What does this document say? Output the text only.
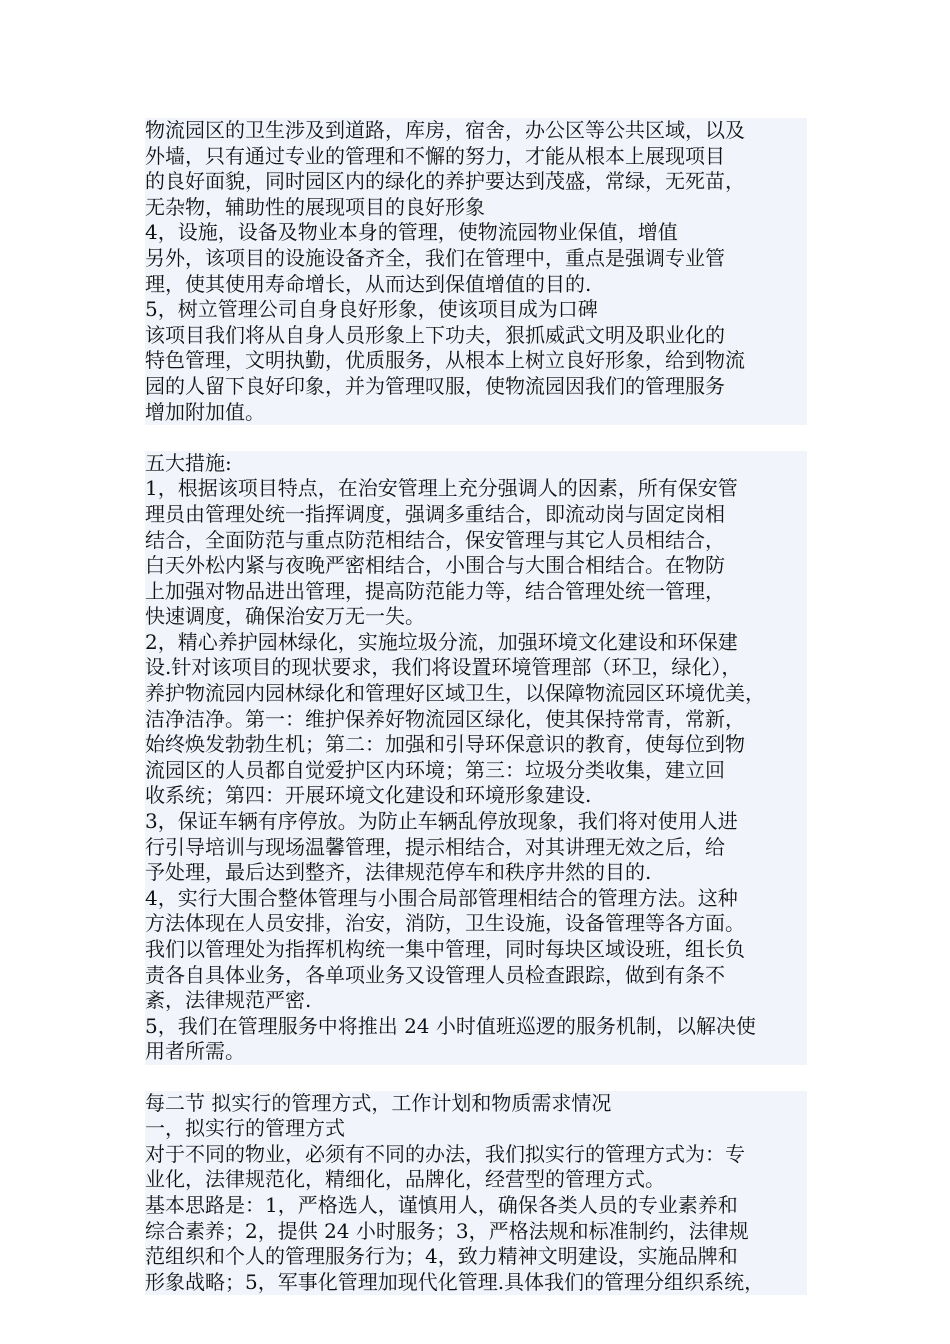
物流园区的卫生涉及到道路，库房，宿舍，办公区等公共区域，以及
外墙，只有通过专业的管理和不懈的努力，才能从根本上展现项目
的良好面貌，同时园区内的绿化的养护要达到茂盛，常绿，无死苗，
无杂物，辅助性的展现项目的良好形象
4，设施，设备及物业本身的管理，使物流园物业保值，增值
另外，该项目的设施设备齐全，我们在管理中，重点是强调专业管
理，使其使用寿命增长，从而达到保值增值的目的.
5，树立管理公司自身良好形象，使该项目成为口碑
该项目我们将从自身人员形象上下功夫，狠抓威武文明及职业化的
特色管理，文明执勤，优质服务，从根本上树立良好形象，给到物流
园的人留下良好印象，并为管理叹服，使物流园因我们的管理服务
增加附加值。
五大措施:
1，根据该项目特点，在治安管理上充分强调人的因素，所有保安管
理员由管理处统一指挥调度，强调多重结合，即流动岗与固定岗相
结合，全面防范与重点防范相结合，保安管理与其它人员相结合，
白天外松内紧与夜晚严密相结合，小围合与大围合相结合。在物防
上加强对物品进出管理，提高防范能力等，结合管理处统一管理，
快速调度，确保治安万无一失。
2，精心养护园林绿化，实施垃圾分流，加强环境文化建设和环保建
设.针对该项目的现状要求，我们将设置环境管理部（环卫，绿化），
养护物流园内园林绿化和管理好区域卫生，以保障物流园区环境优美，
洁净洁净。第一：维护保养好物流园区绿化，使其保持常青，常新，
始终焕发勃勃生机；第二：加强和引导环保意识的教育，使每位到物
流园区的人员都自觉爱护区内环境；第三：垃圾分类收集，建立回
收系统；第四：开展环境文化建设和环境形象建设.
3，保证车辆有序停放。为防止车辆乱停放现象，我们将对使用人进
行引导培训与现场温馨管理，提示相结合，对其讲理无效之后，给
予处理，最后达到整齐，法律规范停车和秩序井然的目的.
4，实行大围合整体管理与小围合局部管理相结合的管理方法。这种
方法体现在人员安排，治安，消防，卫生设施，设备管理等各方面。
我们以管理处为指挥机构统一集中管理，同时每块区域设班，组长负
责各自具体业务，各单项业务又设管理人员检查跟踪，做到有条不
紊，法律规范严密.
5，我们在管理服务中将推出 24 小时值班巡逻的服务机制，以解决使
用者所需。
每二节 拟实行的管理方式，工作计划和物质需求情况
一，拟实行的管理方式
对于不同的物业，必须有不同的办法，我们拟实行的管理方式为：专
业化，法律规范化，精细化，品牌化，经营型的管理方式。
基本思路是：1，严格选人，谨慎用人，确保各类人员的专业素养和
综合素养；2，提供 24 小时服务；3，严格法规和标准制约，法律规
范组织和个人的管理服务行为；4，致力精神文明建设，实施品牌和
形象战略；5，军事化管理加现代化管理.具体我们的管理分组织系统，
